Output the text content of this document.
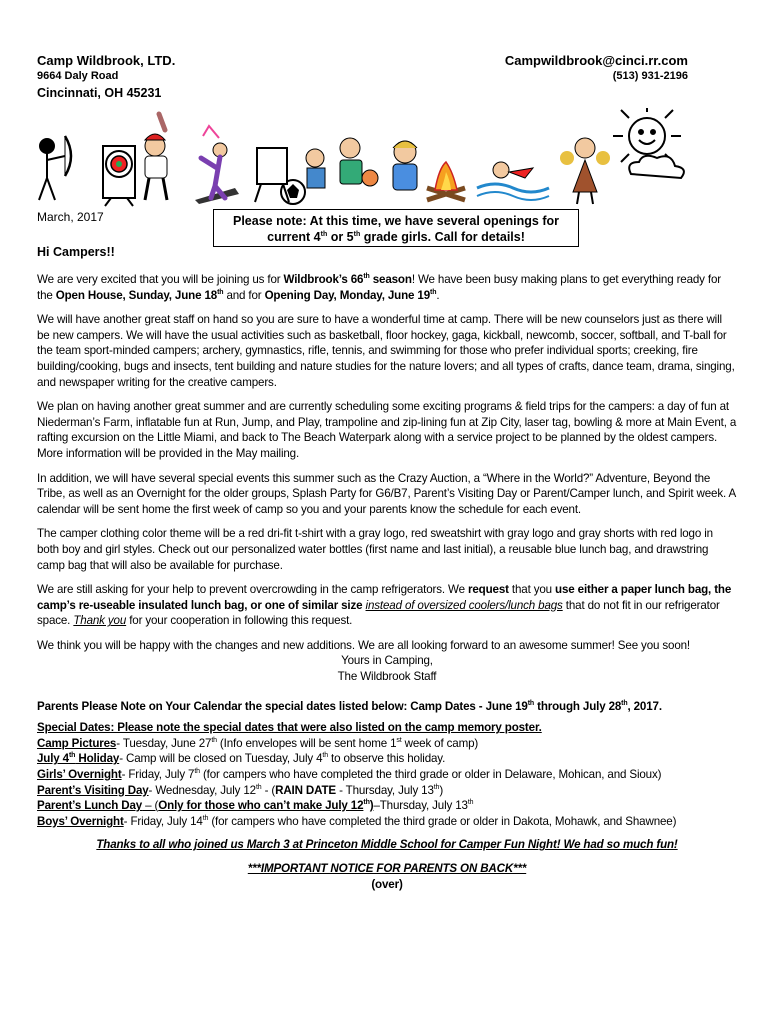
Camp Wildbrook, LTD.
9664 Daly Road
Cincinnati, OH 45231
Campwildbrook@cinci.rr.com
(513) 931-2196
March, 2017	Please note: At this time, we have several openings for
current 4th or 5th grade girls. Call for details!
Hi Campers!!

We are very excited that you will be joining us for Wildbrook’s 66th season! We have been busy making plans to get everything ready for the Open House, Sunday, June 18th and for Opening Day, Monday, June 19th.

We will have another great staff on hand so you are sure to have a wonderful time at camp. There will be new counselors just as there will be new campers. We will have the usual activities such as basketball, floor hockey, gaga, kickball, newcomb, soccer, softball, and T-ball for the team sport-minded campers; archery, gymnastics, rifle, tennis, and swimming for those who prefer individual sports; creeking, fire building/cooking, bugs and insects, tent building and nature studies for the nature lovers; and all types of crafts, dance team, drama, singing, and newspaper writing for the creative campers.

We plan on having another great summer and are currently scheduling some exciting programs & field trips for the campers: a day of fun at Niederman’s Farm, inflatable fun at Run, Jump, and Play, trampoline and zip-lining fun at Zip City, laser tag, bowling & more at Main Event, a rafting excursion on the Little Miami, and back to The Beach Waterpark along with a service project to be planned by the oldest campers. More information will be provided in the May mailing.

In addition, we will have several special events this summer such as the Crazy Auction, a “Where in the World?” Adventure, Beyond the Tribe, as well as an Overnight for the older groups, Splash Party for G6/B7, Parent’s Visiting Day or Parent/Camper lunch, and Spirit week. A calendar will be sent home the first week of camp so you and your parents know the schedule for each event.

The camper clothing color theme will be a red dri-fit t-shirt with a gray logo, red sweatshirt with gray logo and gray shorts with red logo in both boy and girl styles. Check out our personalized water bottles (first name and last initial), a reusable blue lunch bag, and drawstring camp bag that will also be available for purchase.

We are still asking for your help to prevent overcrowding in the camp refrigerators. We request that you use either a paper lunch bag, the camp’s re-useable insulated lunch bag, or one of similar size instead of oversized coolers/lunch bags that do not fit in our refrigerator space. Thank you for your cooperation in following this request.

We think you will be happy with the changes and new additions. We are all looking forward to an awesome summer! See you soon!

Yours in Camping,
The Wildbrook Staff
Parents Please Note on Your Calendar the special dates listed below: Camp Dates - June 19th through July 28th, 2017.
Special Dates: Please note the special dates that were also listed on the camp memory poster.
Camp Pictures- Tuesday, June 27th (Info envelopes will be sent home 1st week of camp)
July 4th Holiday- Camp will be closed on Tuesday, July 4th to observe this holiday.
Girls’ Overnight- Friday, July 7th (for campers who have completed the third grade or older in Delaware, Mohican, and Sioux)
Parent’s Visiting Day- Wednesday, July 12th - (RAIN DATE - Thursday, July 13th)
Parent’s Lunch Day – (Only for those who can’t make July 12th)–Thursday, July 13th
Boys’ Overnight- Friday, July 14th (for campers who have completed the third grade or older in Dakota, Mohawk, and Shawnee)
Thanks to all who joined us March 3 at Princeton Middle School for Camper Fun Night! We had so much fun!
***IMPORTANT NOTICE FOR PARENTS ON BACK***
(over)
